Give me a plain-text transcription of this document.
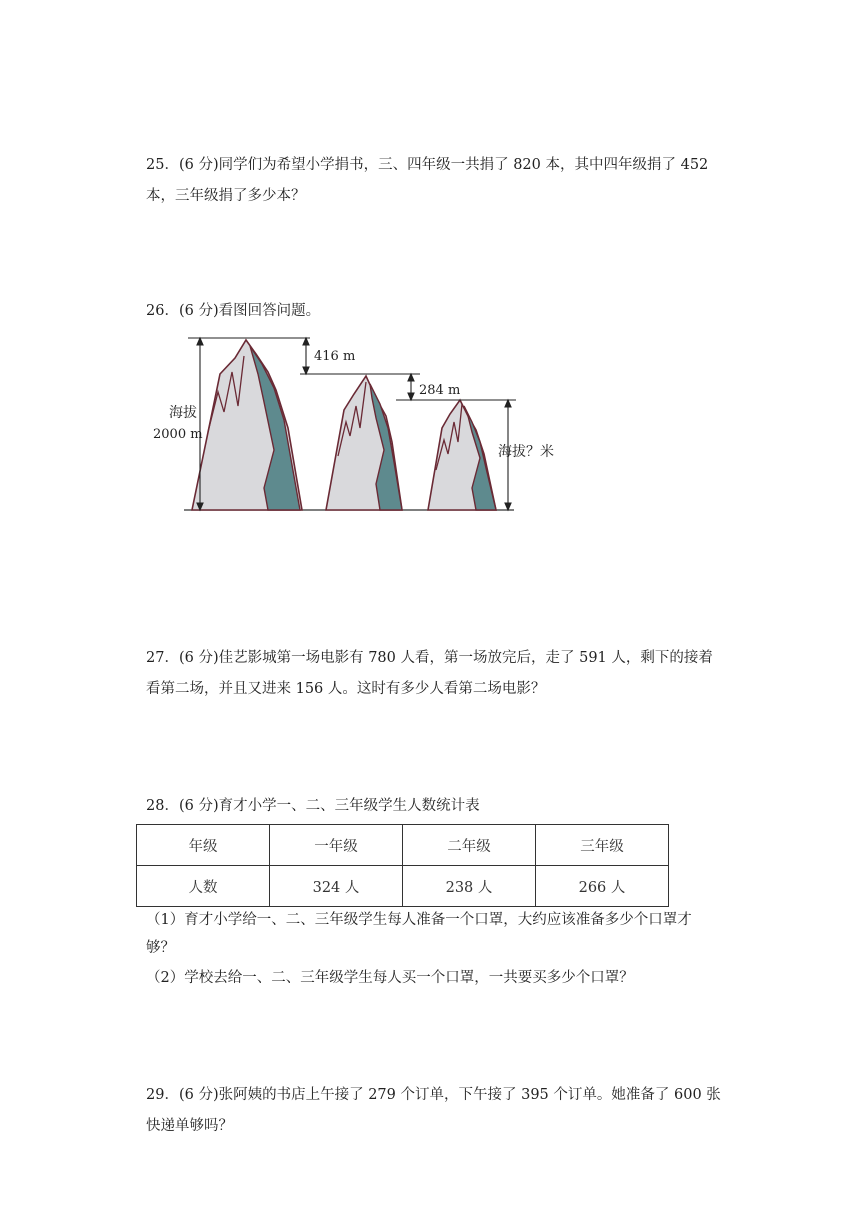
25．(6 分)同学们为希望小学捐书，三、四年级一共捐了 820 本，其中四年级捐了 452
本，三年级捐了多少本？
26．(6 分)看图回答问题。
416 m
284 m
海拔
2000 m
海拔？米
27．(6 分)佳艺影城第一场电影有 780 人看，第一场放完后，走了 591 人，剩下的接着
看第二场，并且又进来 156 人。这时有多少人看第二场电影？
28．(6 分)育才小学一、二、三年级学生人数统计表
年级	一年级	二年级	三年级
人数	324 人	238 人	266 人
（1）育才小学给一、二、三年级学生每人准备一个口罩，大约应该准备多少个口罩才
够？
（2）学校去给一、二、三年级学生每人买一个口罩，一共要买多少个口罩？
29．(6 分)张阿姨的书店上午接了 279 个订单，下午接了 395 个订单。她准备了 600 张
快递单够吗？
